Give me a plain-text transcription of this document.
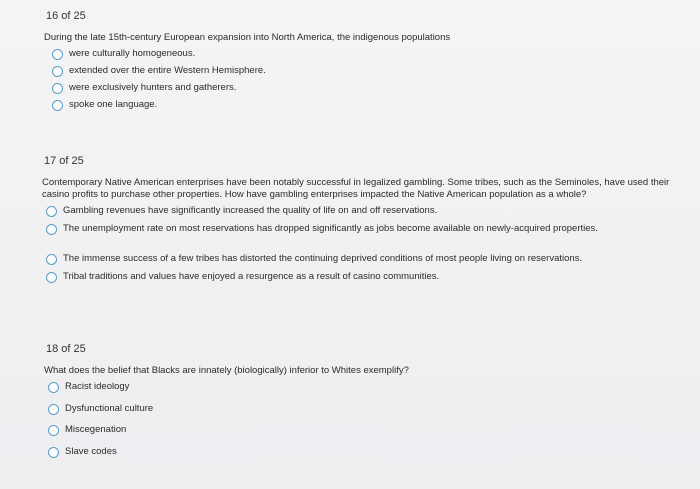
16 of 25
During the late 15th-century European expansion into North America, the indigenous populations
were culturally homogeneous.
extended over the entire Western Hemisphere.
were exclusively hunters and gatherers.
spoke one language.
17 of 25
Contemporary Native American enterprises have been notably successful in legalized gambling. Some tribes, such as the Seminoles, have used their casino profits to purchase other properties. How have gambling enterprises impacted the Native American population as a whole?
Gambling revenues have significantly increased the quality of life on and off reservations.
The unemployment rate on most reservations has dropped significantly as jobs become available on newly-acquired properties.
The immense success of a few tribes has distorted the continuing deprived conditions of most people living on reservations.
Tribal traditions and values have enjoyed a resurgence as a result of casino communities.
18 of 25
What does the belief that Blacks are innately (biologically) inferior to Whites exemplify?
Racist ideology
Dysfunctional culture
Miscegenation
Slave codes
